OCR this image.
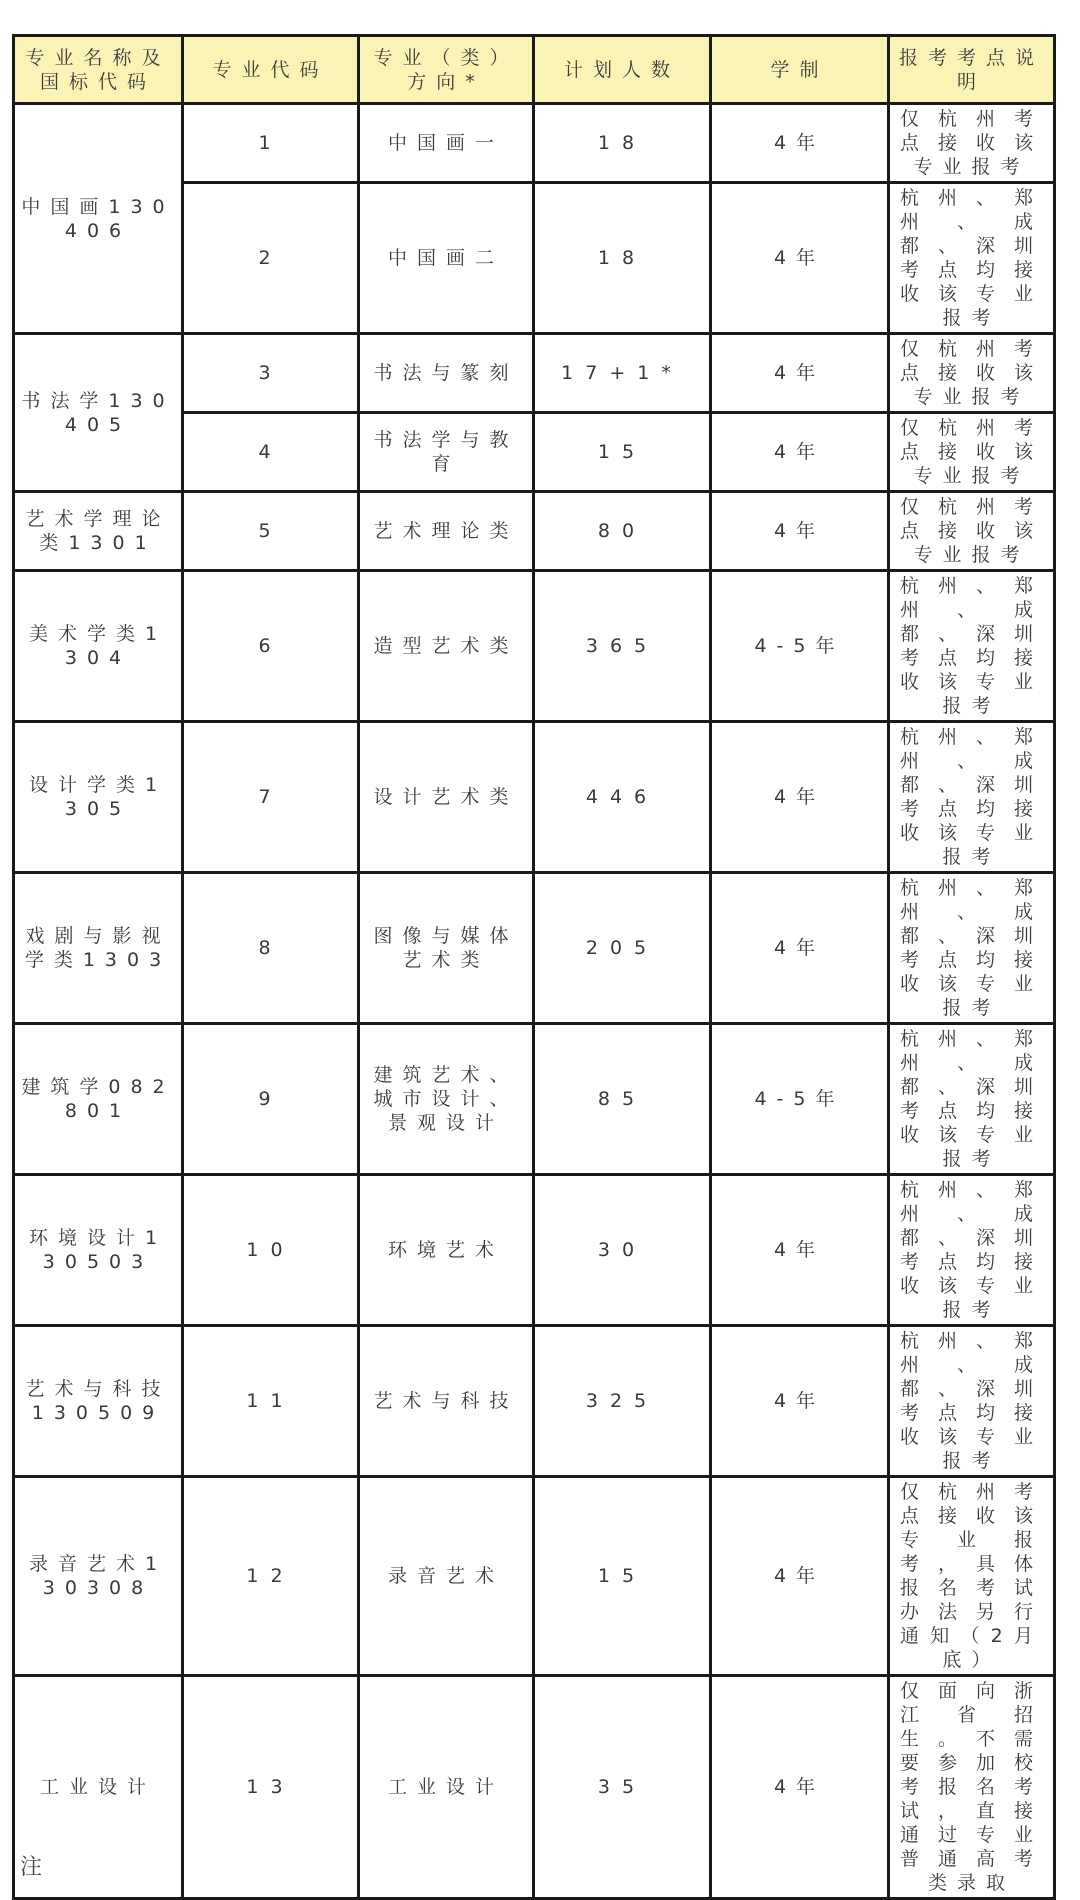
专业名称及国标代码	专业代码	专业（类）方向*	计划人数	学制	报考考点说明
中国画130406	1	中国画一	18	4年	仅杭州考点接收该专业报考
	2	中国画二	18	4年	杭州、郑州、成都、深圳考点均接收该专业报考
书法学130405	3	书法与篆刻	17+1*	4年	仅杭州考点接收该专业报考
	4	书法学与教育	15	4年	仅杭州考点接收该专业报考
艺术学理论类1301	5	艺术理论类	80	4年	仅杭州考点接收该专业报考
美术学类1304	6	造型艺术类	365	4-5年	杭州、郑州、成都、深圳考点均接收该专业报考
设计学类1305	7	设计艺术类	446	4年	杭州、郑州、成都、深圳考点均接收该专业报考
戏剧与影视学类1303	8	图像与媒体艺术类	205	4年	杭州、郑州、成都、深圳考点均接收该专业报考
建筑学082801	9	建筑艺术、城市设计、景观设计	85	4-5年	杭州、郑州、成都、深圳考点均接收该专业报考
环境设计130503	10	环境艺术	30	4年	杭州、郑州、成都、深圳考点均接收该专业报考
艺术与科技130509	11	艺术与科技	325	4年	杭州、郑州、成都、深圳考点均接收该专业报考
录音艺术130308	12	录音艺术	15	4年	仅杭州考点接收该专业报考，具体报名考试办法另行通知（2月底）
工业设计	13	工业设计	35	4年	仅面向浙江省招生。不需要参加校考报名考试，直接通过专业普通高考类录取
注
